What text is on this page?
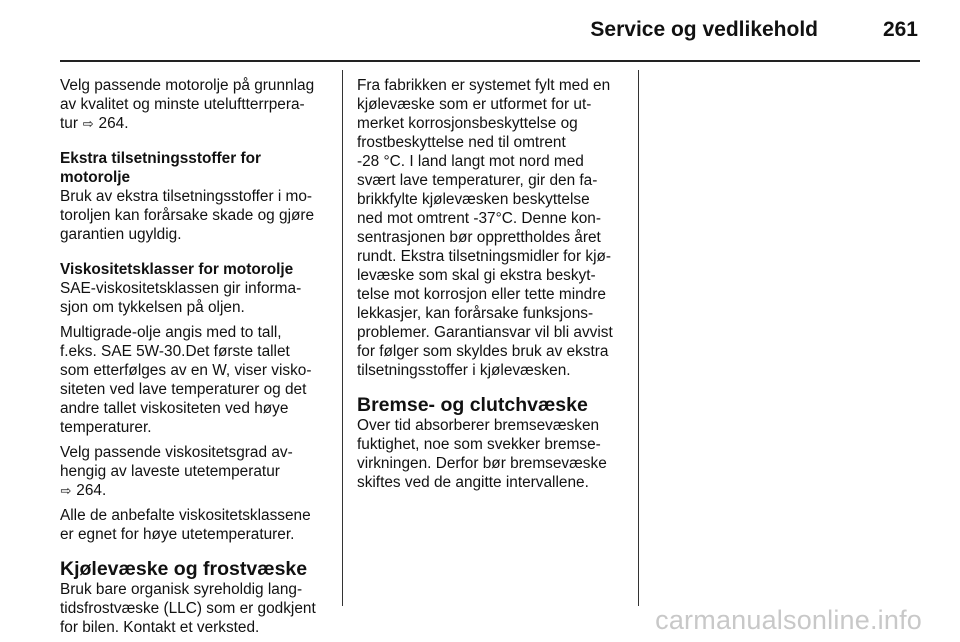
Service og vedlikehold	261

Velg passende motorolje på grunnlag
av kvalitet og minste uteluftterrpera-
tur ⇨ 264.

Ekstra tilsetningsstoffer for motorolje

Bruk av ekstra tilsetningsstoffer i mo-
toroljen kan forårsake skade og gjøre
garantien ugyldig.

Viskositetsklasser for motorolje

SAE-viskositetsklassen gir informa-
sjon om tykkelsen på oljen.

Multigrade-olje angis med to tall,
f.eks. SAE 5W-30.Det første tallet
som etterfølges av en W, viser visko-
siteten ved lave temperaturer og det
andre tallet viskositeten ved høye
temperaturer.

Velg passende viskositetsgrad av-
hengig av laveste utetemperatur
⇨ 264.

Alle de anbefalte viskositetsklassene
er egnet for høye utetemperaturer.

Kjølevæske og frostvæske

Bruk bare organisk syreholdig lang-
tidsfrostvæske (LLC) som er godkjent
for bilen. Kontakt et verksted.

Fra fabrikken er systemet fylt med en
kjølevæske som er utformet for ut-
merket korrosjonsbeskyttelse og
frostbeskyttelse ned til omtrent
-28 °C. I land langt mot nord med
svært lave temperaturer, gir den fa-
brikkfylte kjølevæsken beskyttelse
ned mot omtrent -37°C. Denne kon-
sentrasjonen bør opprettholdes året
rundt. Ekstra tilsetningsmidler for kjø-
levæske som skal gi ekstra beskyt-
telse mot korrosjon eller tette mindre
lekkasjer, kan forårsake funksjons-
problemer. Garantiansvar vil bli avvist
for følger som skyldes bruk av ekstra
tilsetningsstoffer i kjølevæsken.

Bremse- og clutchvæske

Over tid absorberer bremsevæsken
fuktighet, noe som svekker bremse-
virkningen. Derfor bør bremsevæske
skiftes ved de angitte intervallene.

carmanualsonline.info
